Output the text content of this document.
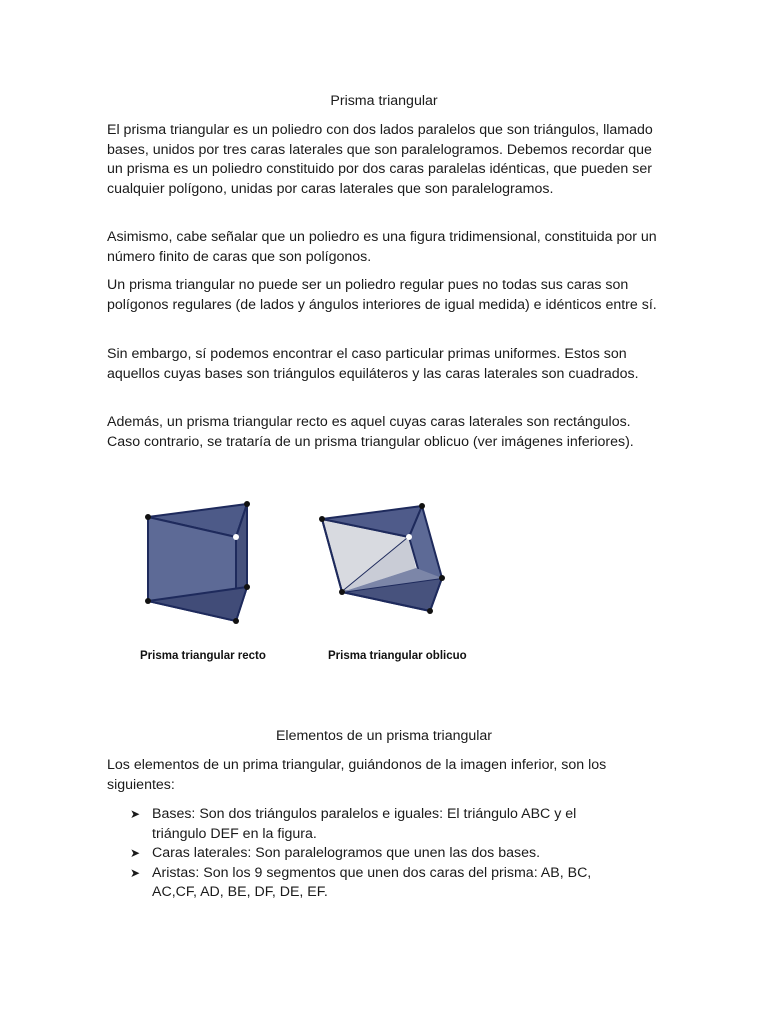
Prisma triangular

El prisma triangular es un poliedro con dos lados paralelos que son triángulos, llamado bases, unidos por tres caras laterales que son paralelogramos. Debemos recordar que un prisma es un poliedro constituido por dos caras paralelas idénticas, que pueden ser cualquier polígono, unidas por caras laterales que son paralelogramos.

Asimismo, cabe señalar que un poliedro es una figura tridimensional, constituida por un número finito de caras que son polígonos.

Un prisma triangular no puede ser un poliedro regular pues no todas sus caras son polígonos regulares (de lados y ángulos interiores de igual medida) e idénticos entre sí.

Sin embargo, sí podemos encontrar el caso particular primas uniformes. Estos son aquellos cuyas bases son triángulos equiláteros y las caras laterales son cuadrados.

Además, un prisma triangular recto es aquel cuyas caras laterales son rectángulos. Caso contrario, se trataría de un prisma triangular oblicuo (ver imágenes inferiores).

Prisma triangular recto	Prisma triangular oblicuo
Elementos de un prisma triangular

Los elementos de un prima triangular, guiándonos de la imagen inferior, son los siguientes:

➤ Bases: Son dos triángulos paralelos e iguales: El triángulo ABC y el triángulo DEF en la figura.
➤ Caras laterales: Son paralelogramos que unen las dos bases.
➤ Aristas: Son los 9 segmentos que unen dos caras del prisma: AB, BC, AC,CF, AD, BE, DF, DE, EF.
